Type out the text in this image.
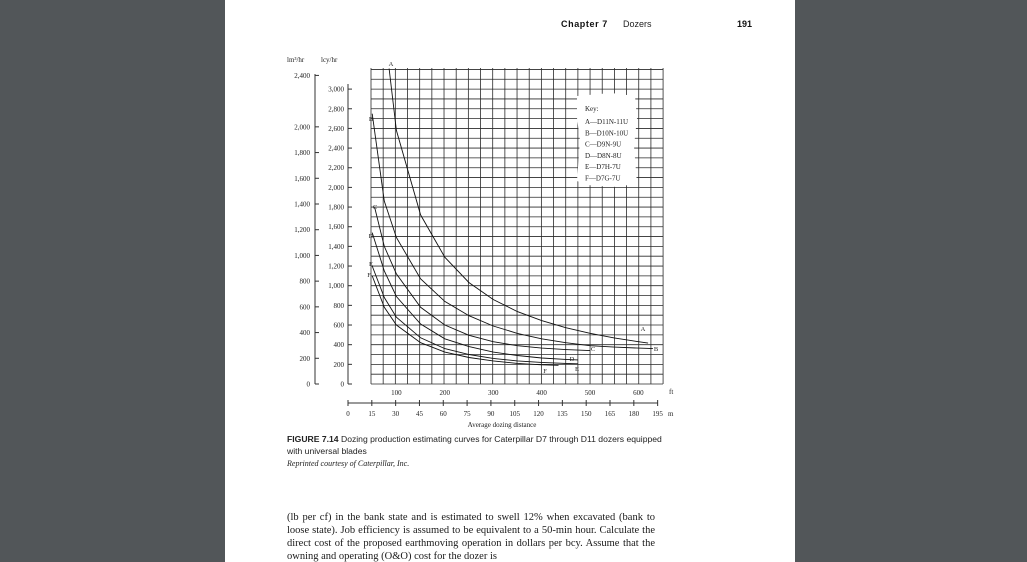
Chapter 7 Dozers	191
lm³/hr lcy/hr
0
200
400
600
800
1,000
1,200
1,400
1,600
1,800
2,000
2,200
2,400
2,600
2,800
3,000
0
200
400
600
800
1,000
1,200
1,400
1,600
1,800
2,000
2,400
100	200	300	400	500	600	ft
0	15 30 45 60 75 90 105 120 135 150 165 180 195 m
Average dozing distance
A
A
B
B
C
C
D
D
E
E
F
F
Key:
A—D11N-11U
B—D10N-10U
C—D9N-9U
D—D8N-8U
E—D7H-7U
F—D7G-7U
FIGURE 7.14 Dozing production estimating curves for Caterpillar D7 through D11 dozers equipped with universal blades
Reprinted courtesy of Caterpillar, Inc.
(lb per cf) in the bank state and is estimated to swell 12% when excavated (bank to loose state). Job efficiency is assumed to be equivalent to a 50-min hour. Calculate the direct cost of the proposed earthmoving operation in dollars per bcy. Assume that the owning and operating (O&O) cost for the dozer is
